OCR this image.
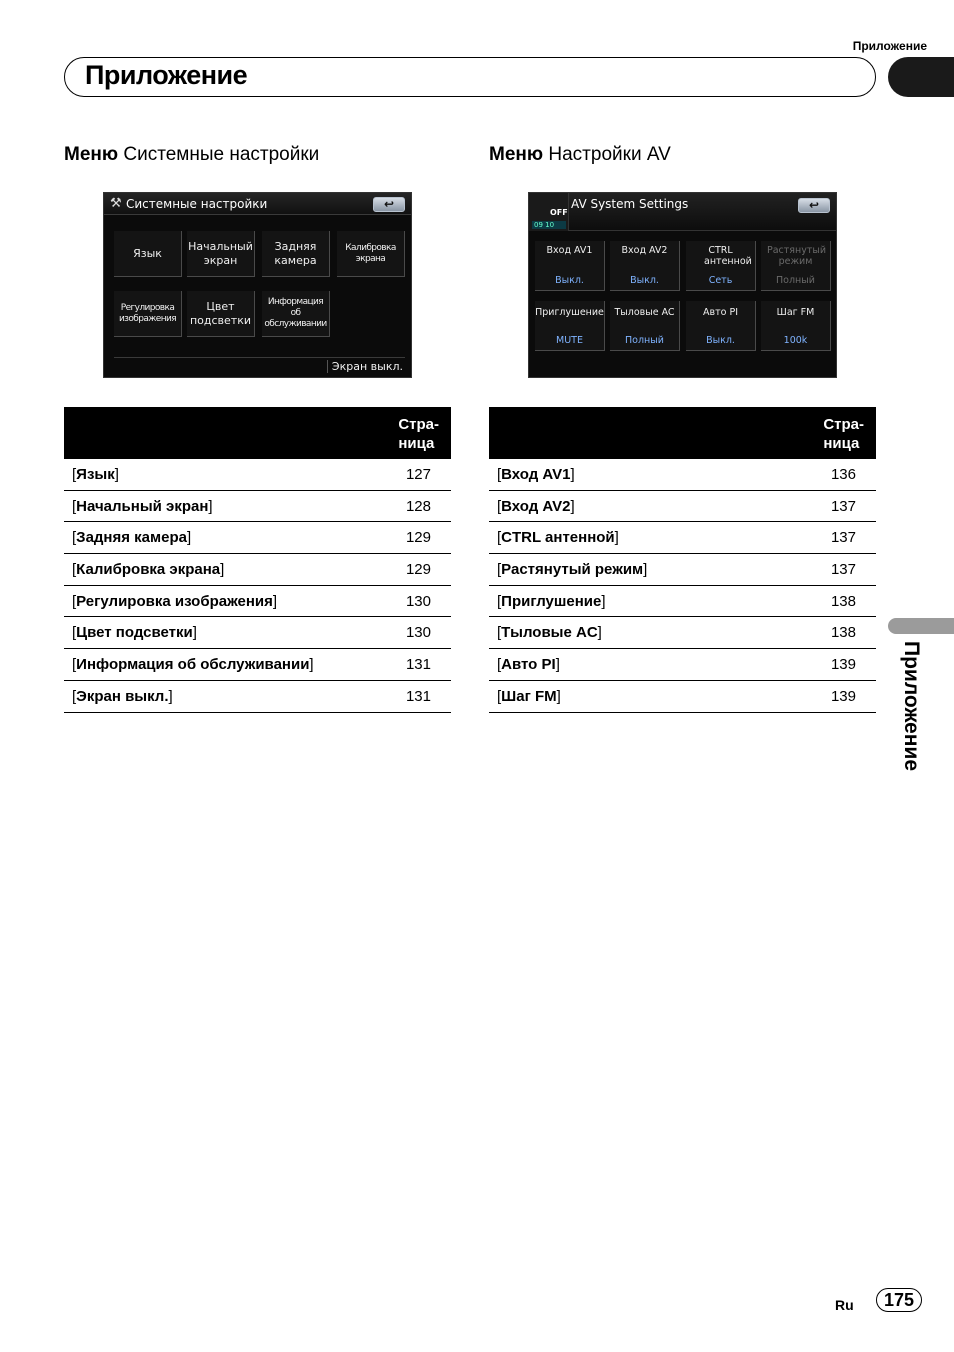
Приложение
Приложение
Меню Системные настройки
⚒ Системные настройки	↩
Язык
Начальный экран
Задняя камера
Калибровка экрана
Регулировка изображения
Цвет подсветки
Информация об обслуживании
Экран выкл.
Стра-
ница
[Язык]	127
[Начальный экран]	128
[Задняя камера]	129
[Калибровка экрана]	129
[Регулировка изображения]	130
[Цвет подсветки]	130
[Информация об обслуживании]	131
[Экран выкл.]	131
Меню Настройки AV
OFF
09 10
AV System Settings	↩
Вход AV1
Выкл.
Вход AV2
Выкл.
CTRL антенной
Сеть
Растянутый режим
Полный
Приглушение
MUTE
Тыловые AC
Полный
Авто PI
Выкл.
Шаг FM
100k
Стра-
ница
[Вход AV1]	136
[Вход AV2]	137
[CTRL антенной]	137
[Растянутый режим]	137
[Приглушение]	138
[Тыловые AC]	138
[Авто PI]	139
[Шаг FM]	139 Приложение
Ru	175
